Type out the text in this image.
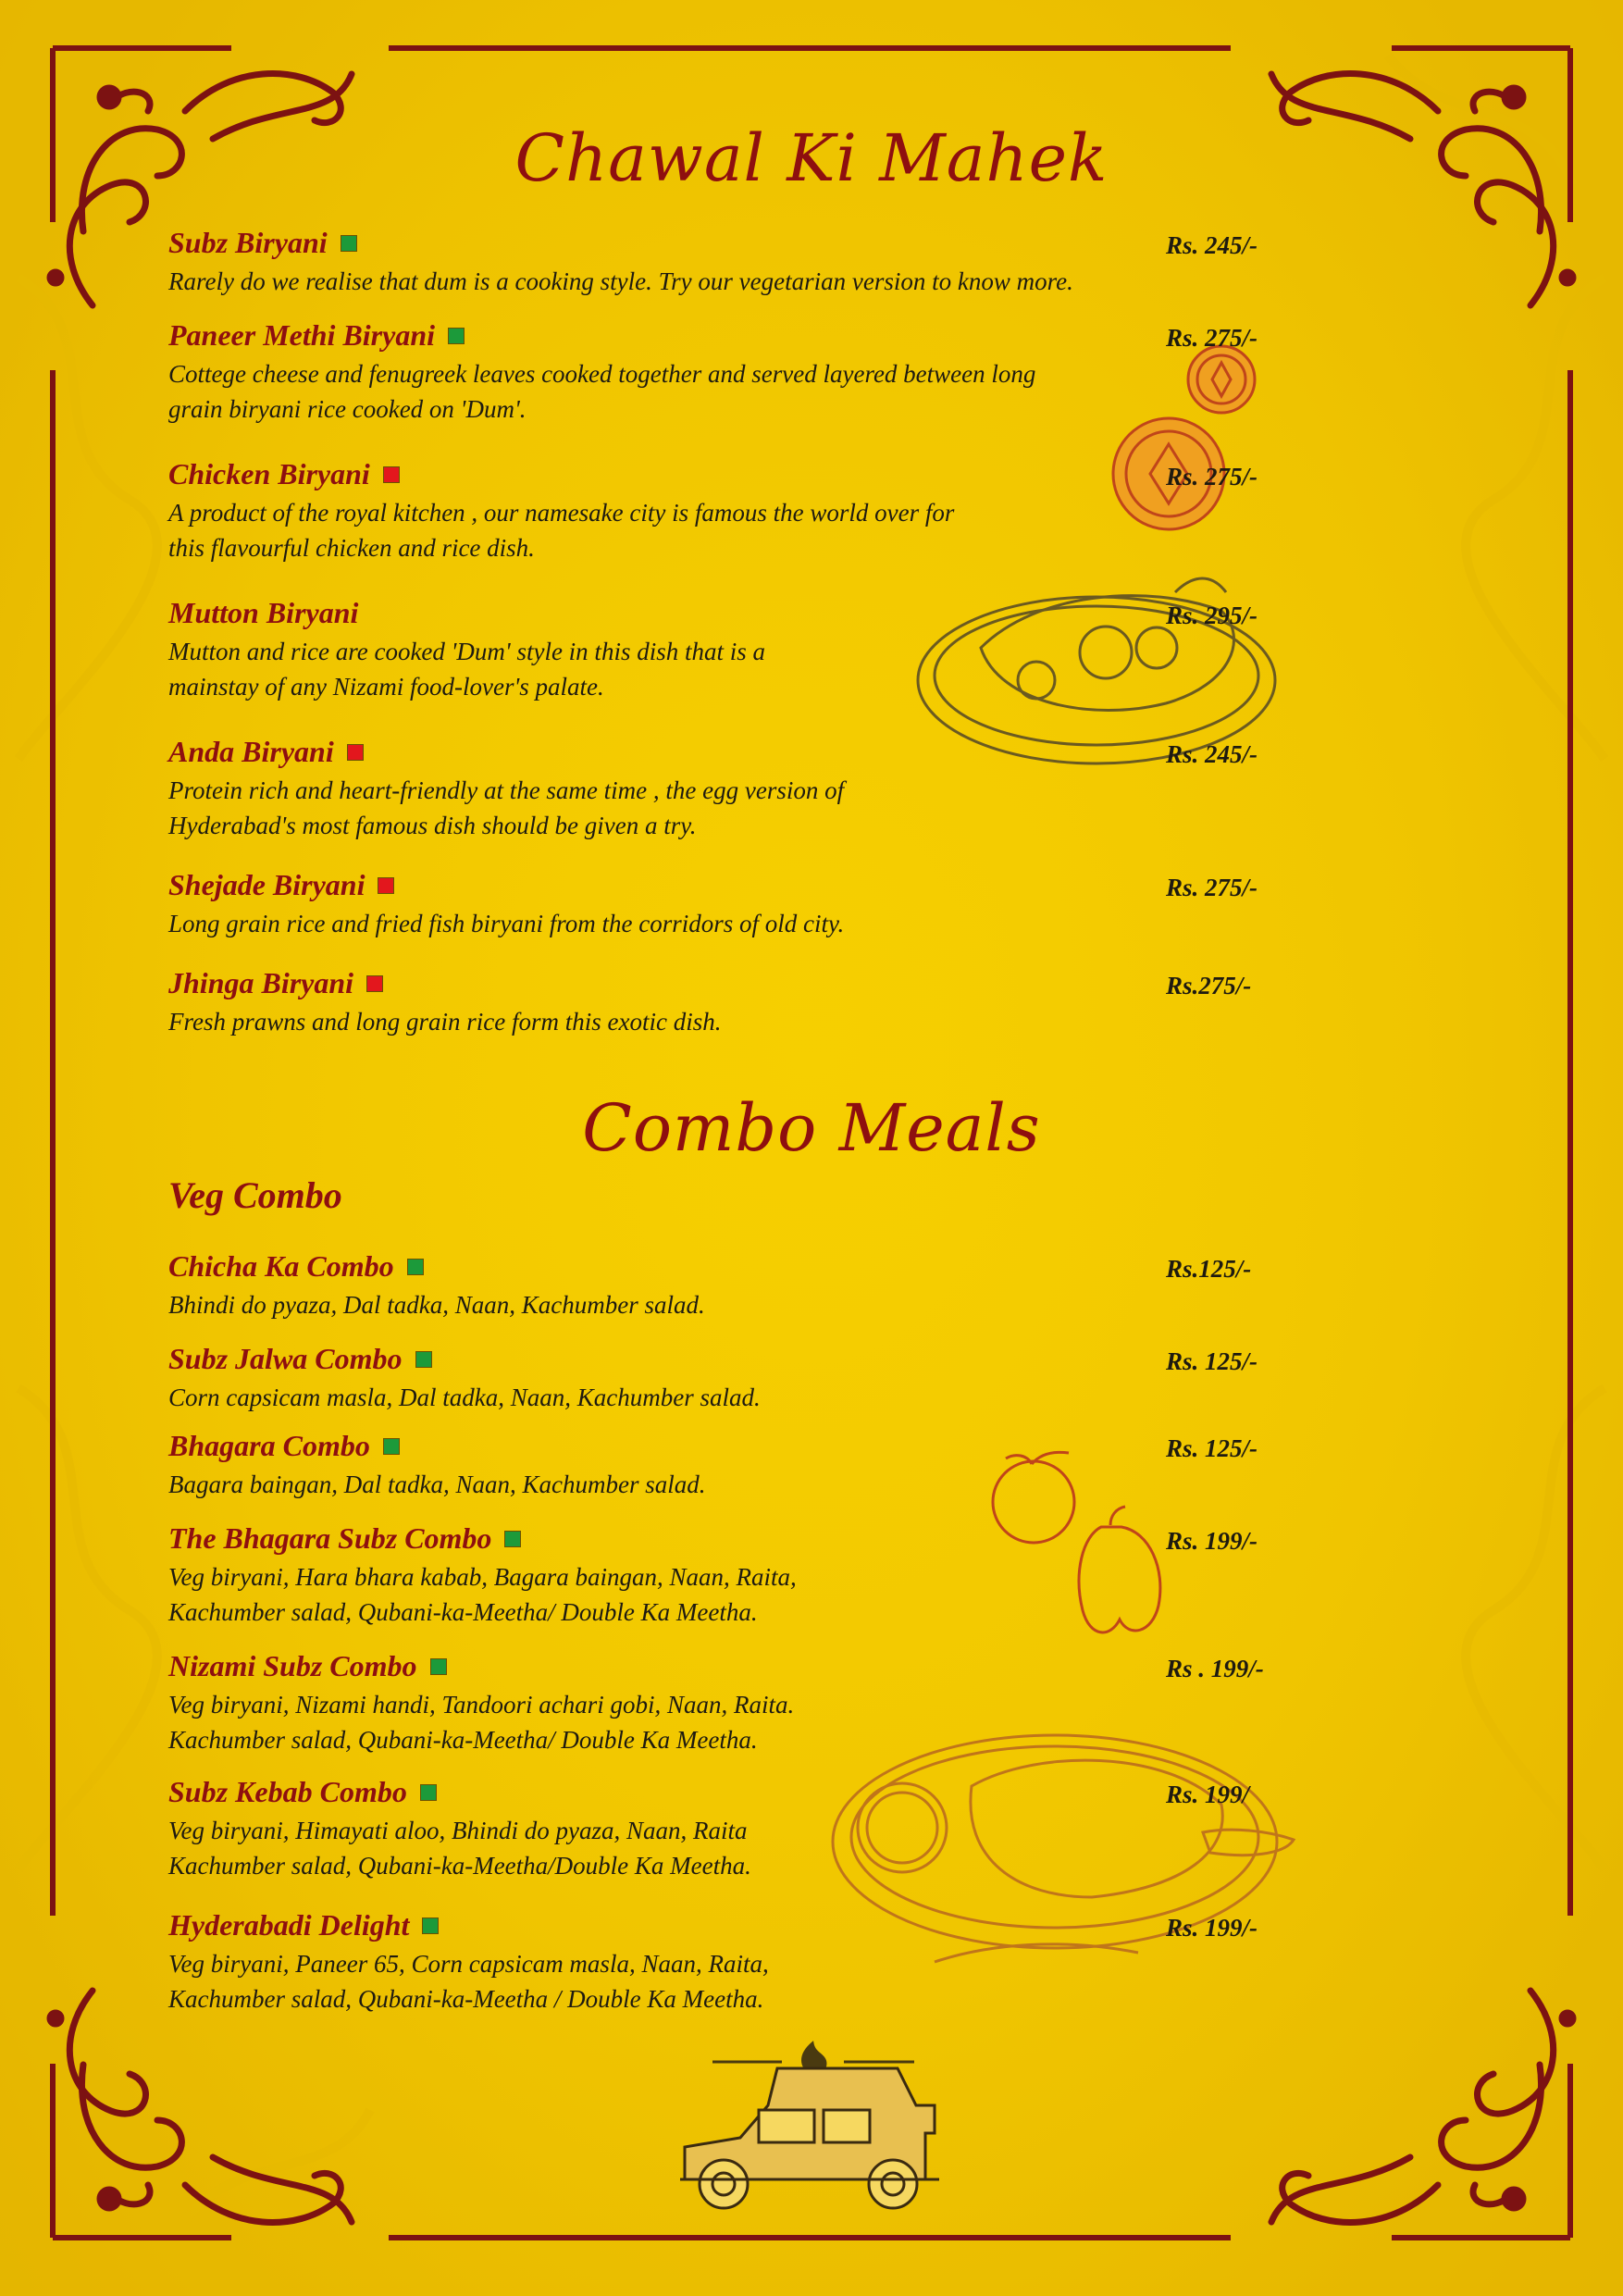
Chawal Ki Mahek
Subz Biryani
Rarely do we realise that dum is a cooking style. Try our vegetarian version to know more.
Rs. 245/-
Paneer Methi Biryani
Cottege cheese and fenugreek leaves cooked together and served layered between long
grain biryani rice cooked on 'Dum'.
Rs. 275/-
Chicken Biryani
A product of the royal kitchen , our namesake city is famous the world over for
this flavourful chicken and rice dish.
Rs. 275/-
Mutton Biryani
Mutton and rice are cooked 'Dum' style in this dish that is a
mainstay of any Nizami food-lover's palate.
Rs. 295/-
Anda Biryani
Protein rich and heart-friendly at the same time , the egg version of
Hyderabad's most famous dish should be given a try.
Rs. 245/-
Shejade Biryani
Long grain rice and fried fish biryani from the corridors of old city.
Rs. 275/-
Jhinga Biryani
Fresh prawns and long grain rice form this exotic dish.
Rs.275/-
Combo Meals
Veg Combo
Chicha Ka Combo
Bhindi do pyaza, Dal tadka, Naan, Kachumber salad.
Rs.125/-
Subz Jalwa Combo
Corn capsicam masla, Dal tadka, Naan, Kachumber salad.
Rs. 125/-
Bhagara Combo
Bagara baingan, Dal tadka, Naan, Kachumber salad.
Rs. 125/-
The Bhagara Subz Combo
Veg biryani, Hara bhara kabab, Bagara baingan, Naan, Raita,
Kachumber salad, Qubani-ka-Meetha/ Double Ka Meetha.
Rs. 199/-
Nizami Subz Combo
Veg biryani, Nizami handi, Tandoori achari gobi, Naan, Raita.
Kachumber salad, Qubani-ka-Meetha/ Double Ka Meetha.
Rs . 199/-
Subz Kebab Combo
Veg biryani, Himayati aloo, Bhindi do pyaza, Naan, Raita
Kachumber salad, Qubani-ka-Meetha/Double Ka Meetha.
Rs. 199/
Hyderabadi Delight
Veg biryani, Paneer 65, Corn capsicam masla, Naan, Raita,
Kachumber salad, Qubani-ka-Meetha / Double Ka Meetha.
Rs. 199/-
